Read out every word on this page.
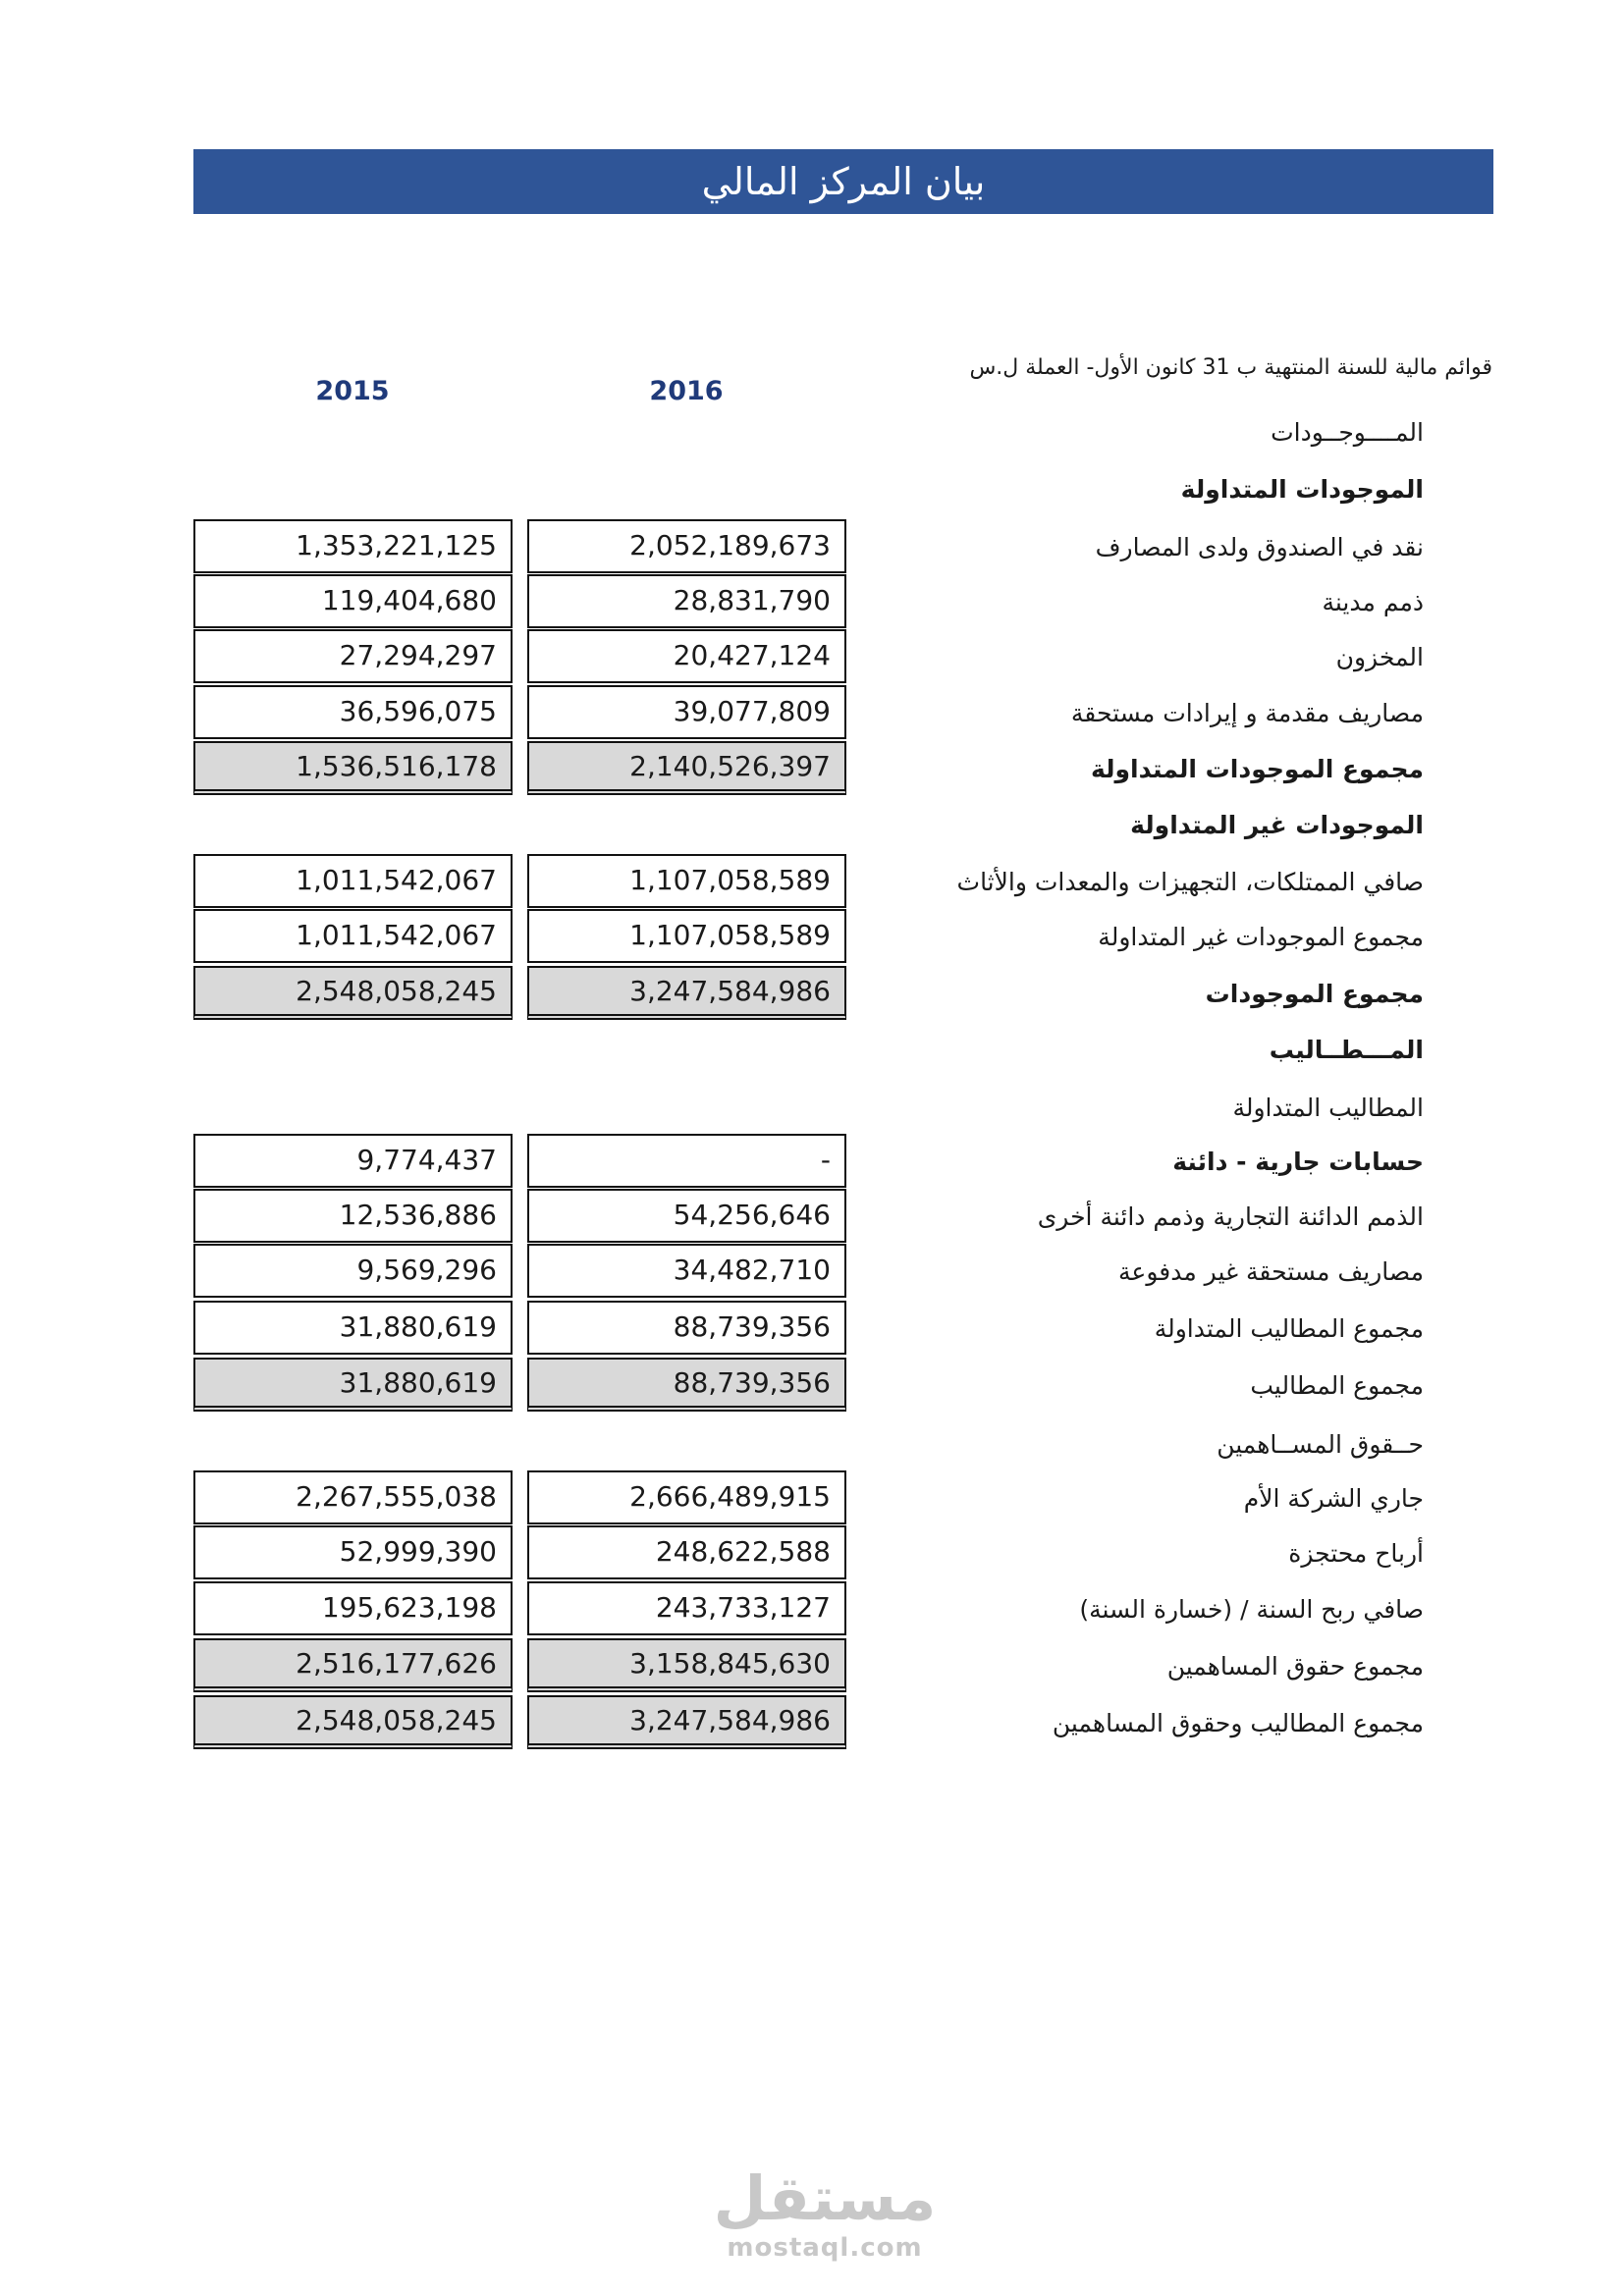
بيان المركز المالي
قوائم مالية للسنة المنتهية ب 31 كانون الأول- العملة ل.س
2016
2015
المــــوجــودات
الموجودات المتداولة
نقد في الصندوق ولدى المصارف
2,052,189,673
1,353,221,125
ذمم مدينة
28,831,790
119,404,680
المخزون
20,427,124
27,294,297
مصاريف مقدمة و إيرادات مستحقة
39,077,809
36,596,075
مجموع الموجودات المتداولة
2,140,526,397
1,536,516,178
الموجودات غير المتداولة
صافي الممتلكات، التجهيزات والمعدات والأثاث
1,107,058,589
1,011,542,067
مجموع الموجودات غير المتداولة
1,107,058,589
1,011,542,067
مجموع الموجودات
3,247,584,986
2,548,058,245
المـــطــاليب
المطاليب المتداولة
حسابات جارية - دائنة
-
9,774,437
الذمم الدائنة التجارية وذمم دائنة أخرى
54,256,646
12,536,886
مصاريف مستحقة غير مدفوعة
34,482,710
9,569,296
مجموع المطاليب المتداولة
88,739,356
31,880,619
مجموع المطاليب
88,739,356
31,880,619
حــقوق المســاهمين
جاري الشركة الأم
2,666,489,915
2,267,555,038
أرباح محتجزة
248,622,588
52,999,390
صافي ربح السنة / (خسارة السنة)
243,733,127
195,623,198
مجموع حقوق المساهمين
3,158,845,630
2,516,177,626
مجموع المطاليب وحقوق المساهمين
3,247,584,986
2,548,058,245
مستقل
mostaql.com
